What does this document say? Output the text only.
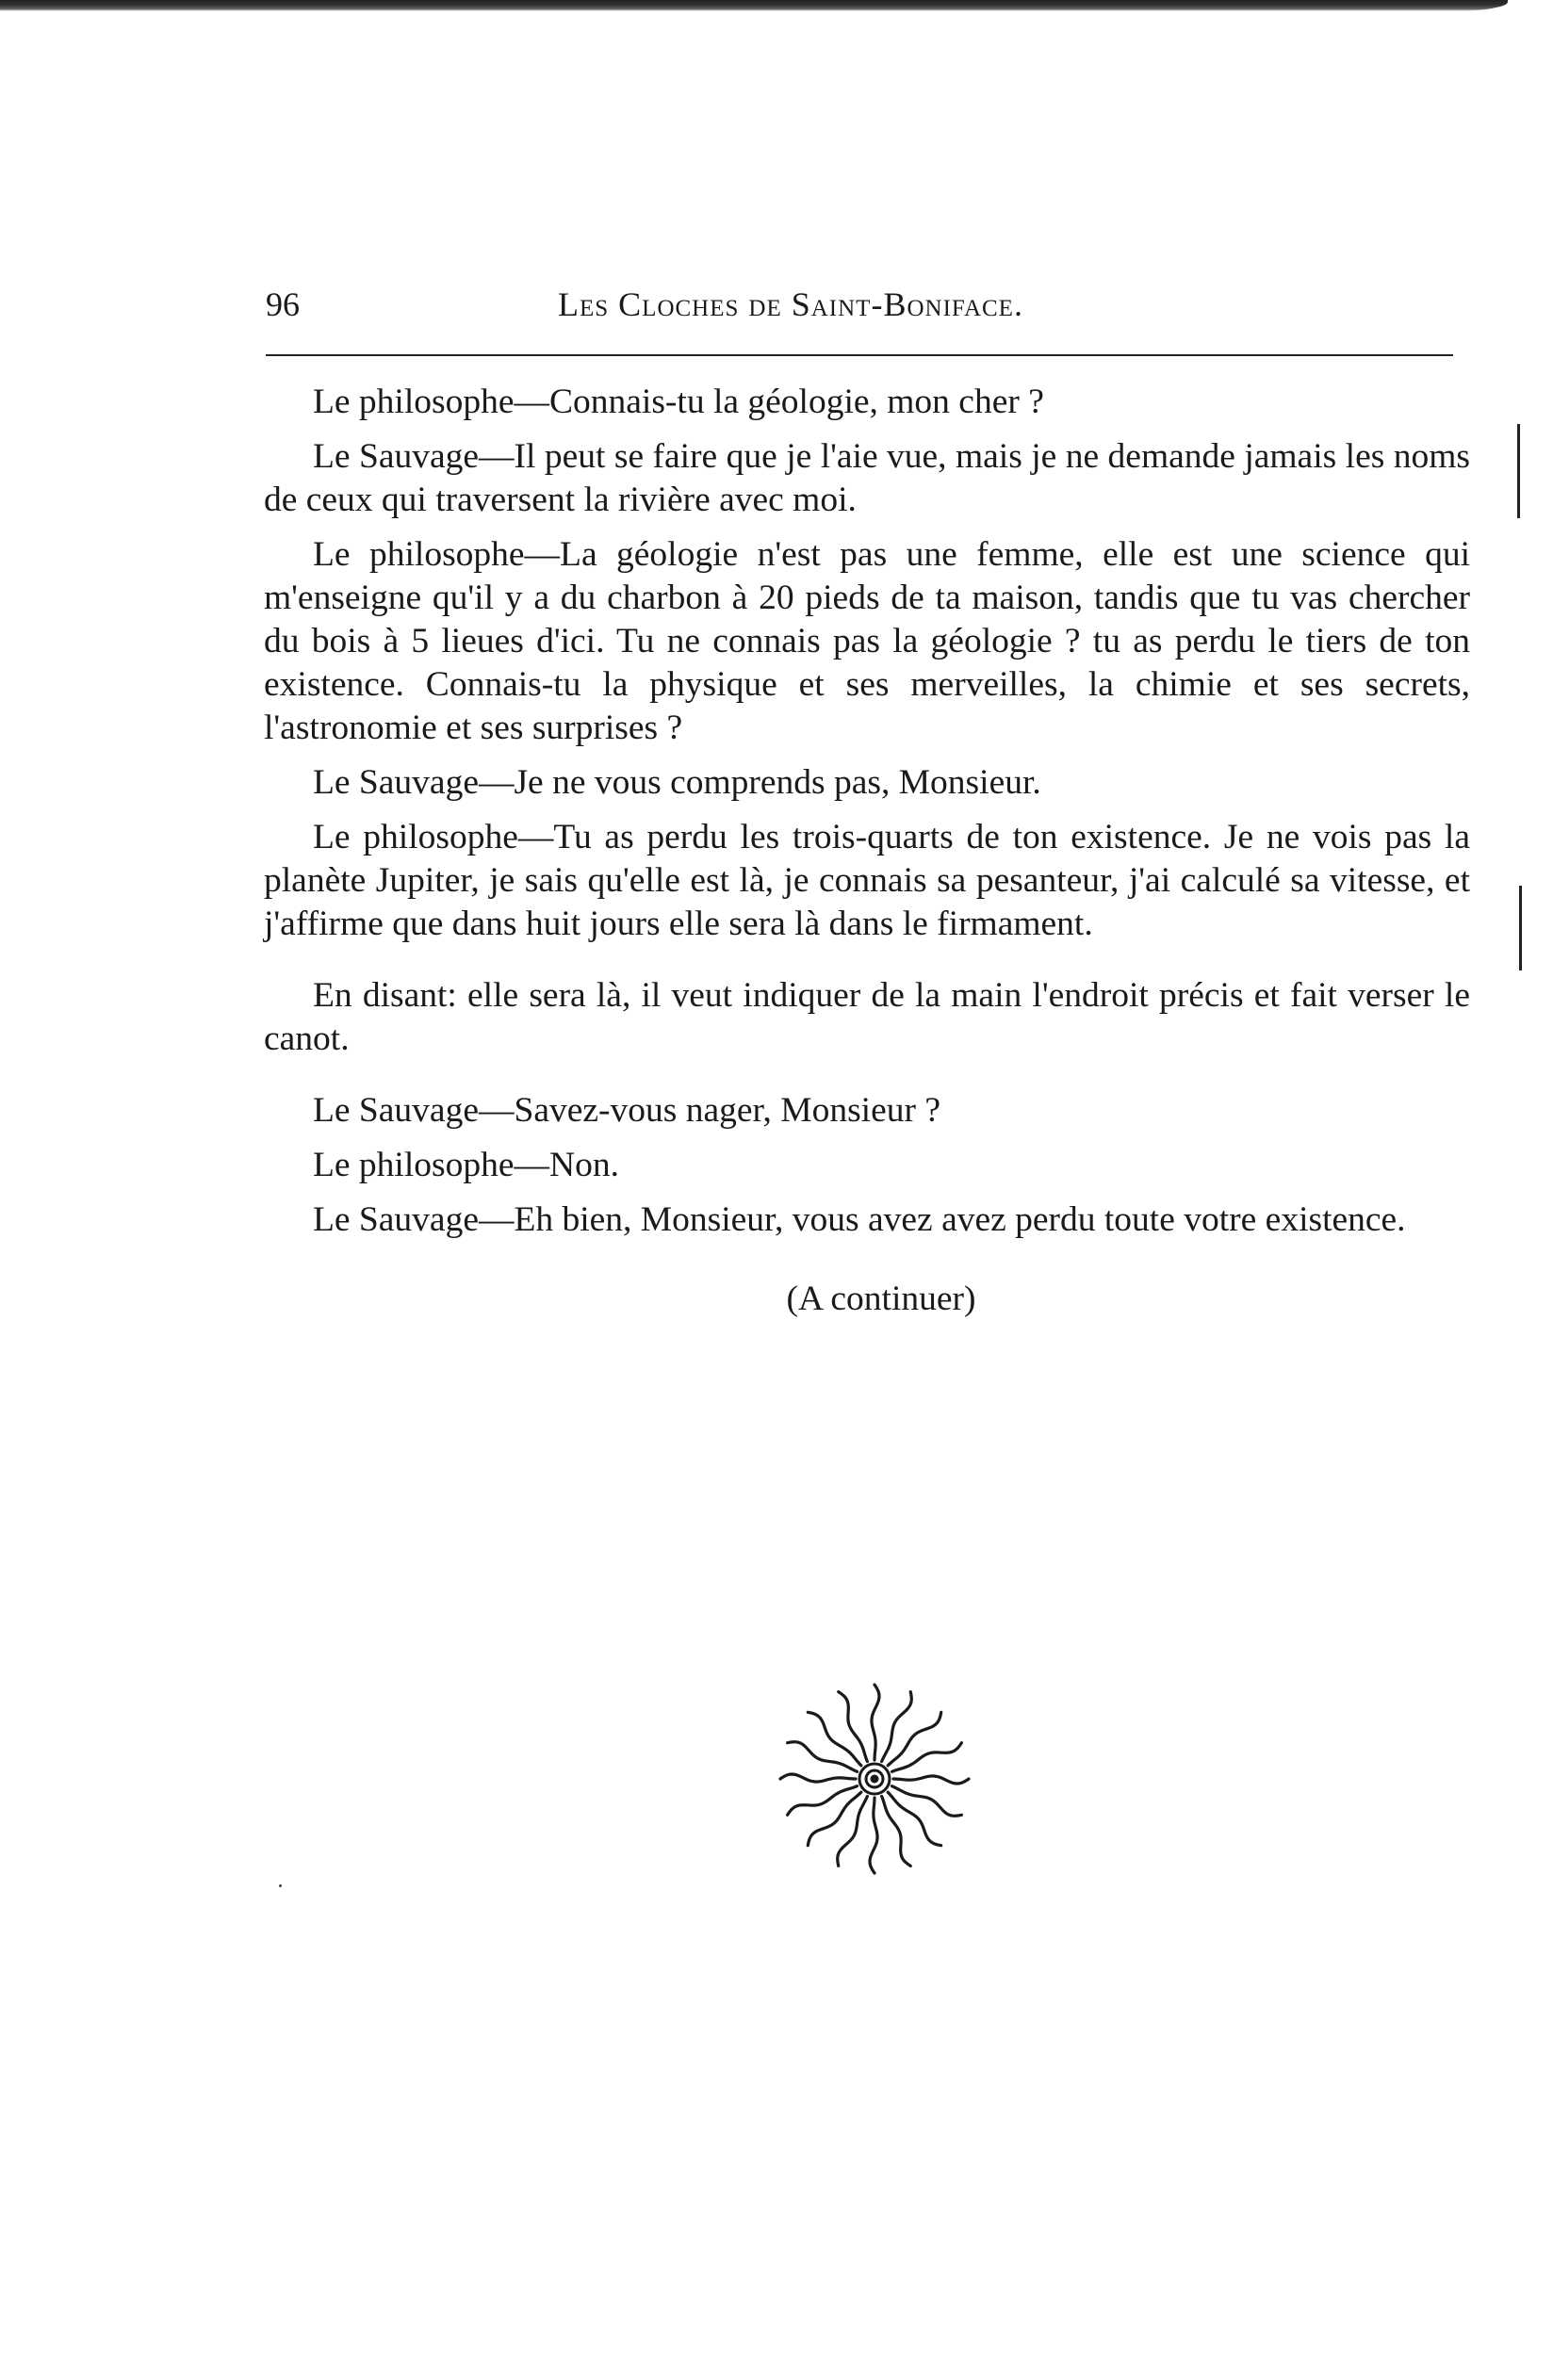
96	Les Cloches de Saint-Boniface.

Le philosophe—Connais-tu la géologie, mon cher ?

Le Sauvage—Il peut se faire que je l'aie vue, mais je ne demande jamais les noms de ceux qui traversent la rivière avec moi.

Le philosophe—La géologie n'est pas une femme, elle est une science qui m'enseigne qu'il y a du charbon à 20 pieds de ta maison, tandis que tu vas chercher du bois à 5 lieues d'ici. Tu ne connais pas la géologie ? tu as perdu le tiers de ton existence. Connais-tu la physique et ses merveilles, la chimie et ses secrets, l'astronomie et ses surprises ?

Le Sauvage—Je ne vous comprends pas, Monsieur.

Le philosophe—Tu as perdu les trois-quarts de ton existence. Je ne vois pas la planète Jupiter, je sais qu'elle est là, je connais sa pesanteur, j'ai calculé sa vitesse, et j'affirme que dans huit jours elle sera là dans le firmament.

En disant: elle sera là, il veut indiquer de la main l'endroit précis et fait verser le canot.

Le Sauvage—Savez-vous nager, Monsieur ?

Le philosophe—Non.

Le Sauvage—Eh bien, Monsieur, vous avez avez perdu toute votre existence.

(A continuer)
